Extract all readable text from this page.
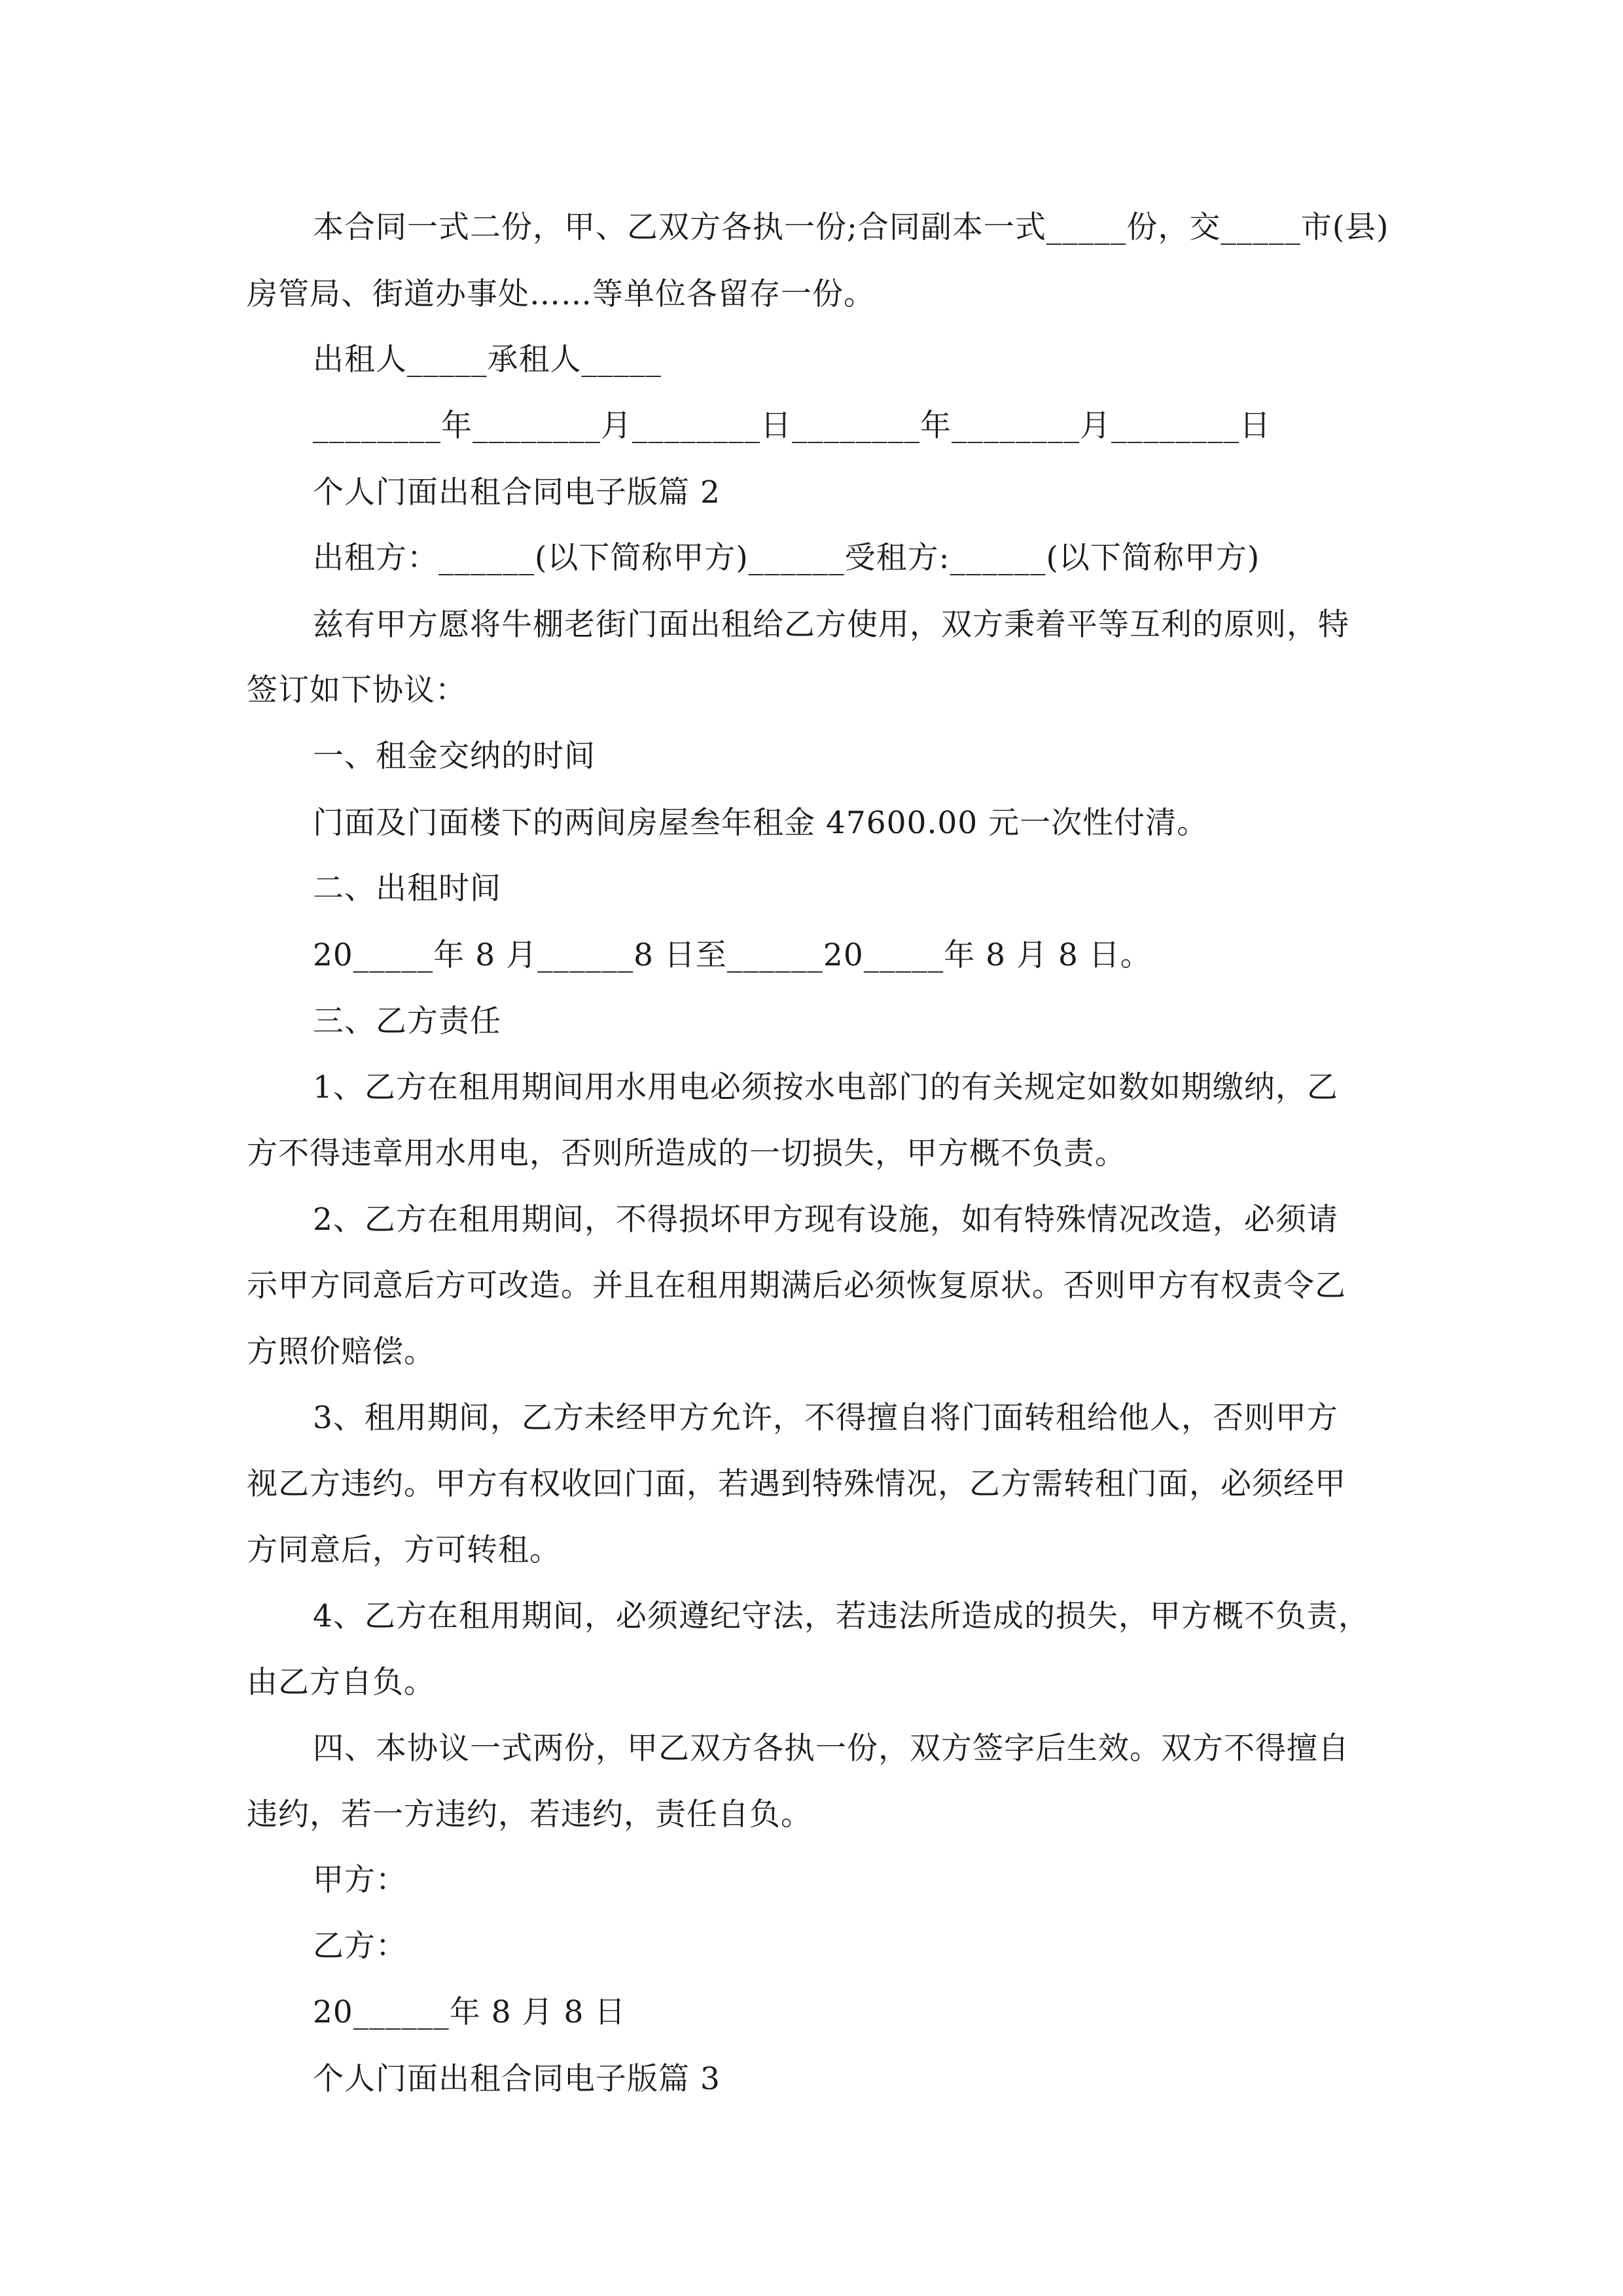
本合同一式二份，甲、乙双方各执一份;合同副本一式_____份，交_____市(县)
房管局、街道办事处……等单位各留存一份。
出租人_____承租人_____
________年________月________日________年________月________日
个人门面出租合同电子版篇 2
出租方：______(以下简称甲方)______受租方:______(以下简称甲方)
兹有甲方愿将牛棚老街门面出租给乙方使用，双方秉着平等互利的原则，特
签订如下协议：
一、租金交纳的时间
门面及门面楼下的两间房屋叁年租金 47600.00 元一次性付清。
二、出租时间
20_____年 8 月______8 日至______20_____年 8 月 8 日。
三、乙方责任
1、乙方在租用期间用水用电必须按水电部门的有关规定如数如期缴纳，乙
方不得违章用水用电，否则所造成的一切损失，甲方概不负责。
2、乙方在租用期间，不得损坏甲方现有设施，如有特殊情况改造，必须请
示甲方同意后方可改造。并且在租用期满后必须恢复原状。否则甲方有权责令乙
方照价赔偿。
3、租用期间，乙方未经甲方允许，不得擅自将门面转租给他人，否则甲方
视乙方违约。甲方有权收回门面，若遇到特殊情况，乙方需转租门面，必须经甲
方同意后，方可转租。
4、乙方在租用期间，必须遵纪守法，若违法所造成的损失，甲方概不负责，
由乙方自负。
四、本协议一式两份，甲乙双方各执一份，双方签字后生效。双方不得擅自
违约，若一方违约，若违约，责任自负。
甲方：
乙方：
20______年 8 月 8 日
个人门面出租合同电子版篇 3
